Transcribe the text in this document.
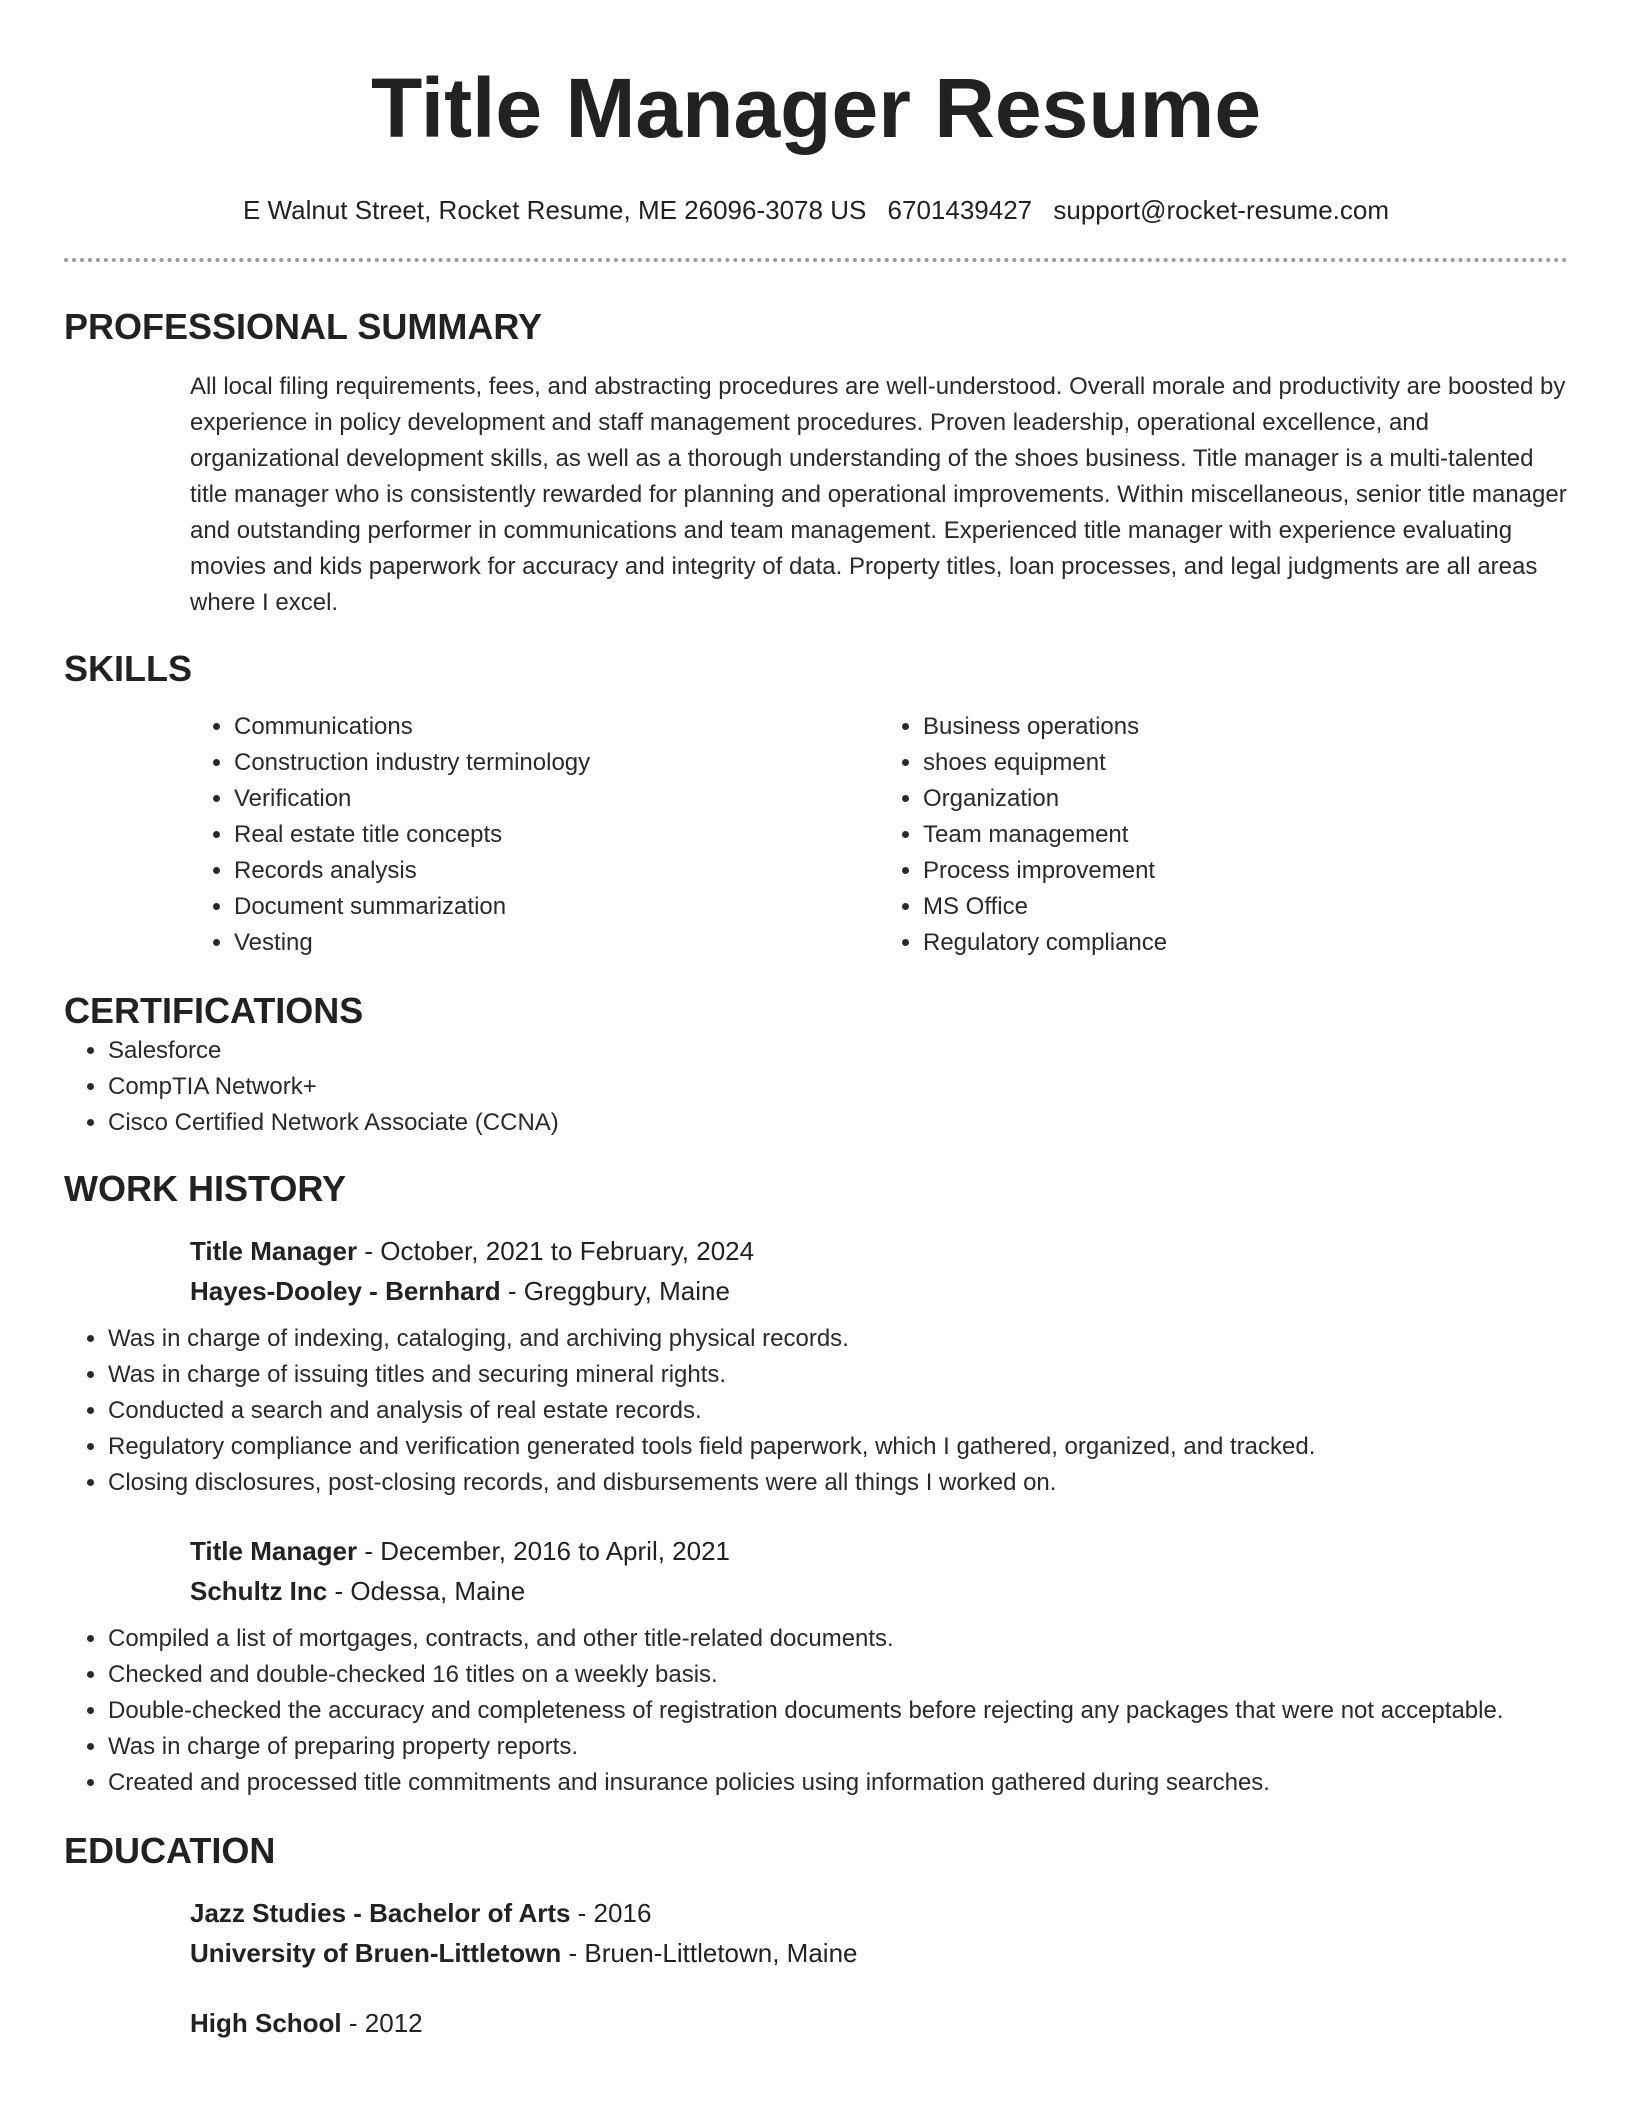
Title Manager Resume
E Walnut Street, Rocket Resume, ME 26096-3078 US 6701439427 support@rocket-resume.com
PROFESSIONAL SUMMARY

All local filing requirements, fees, and abstracting procedures are well-understood. Overall morale and productivity are boosted by experience in policy development and staff management procedures. Proven leadership, operational excellence, and organizational development skills, as well as a thorough understanding of the shoes business. Title manager is a multi-talented title manager who is consistently rewarded for planning and operational improvements. Within miscellaneous, senior title manager and outstanding performer in communications and team management. Experienced title manager with experience evaluating movies and kids paperwork for accuracy and integrity of data. Property titles, loan processes, and legal judgments are all areas where I excel.

SKILLS
• Communications
• Construction industry terminology
• Verification
• Real estate title concepts
• Records analysis
• Document summarization
• Vesting
• Business operations
• shoes equipment
• Organization
• Team management
• Process improvement
• MS Office
• Regulatory compliance
CERTIFICATIONS
• Salesforce
• CompTIA Network+
• Cisco Certified Network Associate (CCNA)
WORK HISTORY
Title Manager - October, 2021 to February, 2024
Hayes-Dooley - Bernhard - Greggbury, Maine
• Was in charge of indexing, cataloging, and archiving physical records.
• Was in charge of issuing titles and securing mineral rights.
• Conducted a search and analysis of real estate records.
• Regulatory compliance and verification generated tools field paperwork, which I gathered, organized, and tracked.
• Closing disclosures, post-closing records, and disbursements were all things I worked on.
Title Manager - December, 2016 to April, 2021
Schultz Inc - Odessa, Maine
• Compiled a list of mortgages, contracts, and other title-related documents.
• Checked and double-checked 16 titles on a weekly basis.
• Double-checked the accuracy and completeness of registration documents before rejecting any packages that were not acceptable.
• Was in charge of preparing property reports.
• Created and processed title commitments and insurance policies using information gathered during searches.
EDUCATION
Jazz Studies - Bachelor of Arts - 2016
University of Bruen-Littletown - Bruen-Littletown, Maine
High School - 2012
